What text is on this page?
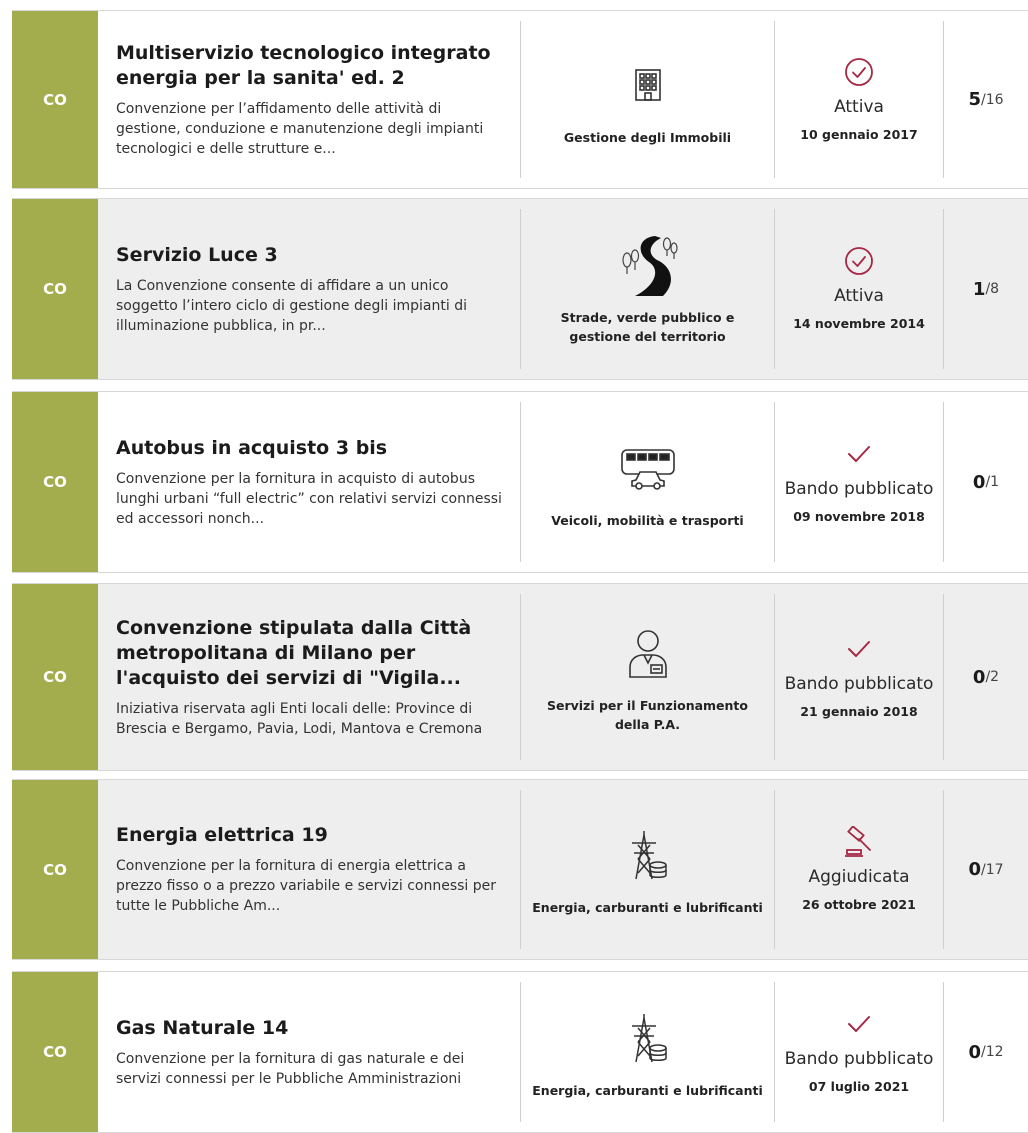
CO

Multiservizio tecnologico integrato energia per la sanita' ed. 2

Convenzione per l’affidamento delle attività di gestione, conduzione e manutenzione degli impianti tecnologici e delle strutture e...

Gestione degli Immobili
Attiva
10 gennaio 2017
5 / 16
CO

Servizio Luce 3

La Convenzione consente di affidare a un unico soggetto l’intero ciclo di gestione degli impianti di illuminazione pubblica, in pr...	Strade, verde pubblico e gestione del territorio
Attiva
14 novembre 2014
1 / 8
CO

Autobus in acquisto 3 bis

Convenzione per la fornitura in acquisto di autobus lunghi urbani “full electric” con relativi servizi connessi ed accessori nonch...	Veicoli, mobilità e trasporti
Bando pubblicato
09 novembre 2018
0 / 1
CO

Convenzione stipulata dalla Città metropolitana di Milano per l'acquisto dei servizi di "Vigila...

Iniziativa riservata agli Enti locali delle: Province di Brescia e Bergamo, Pavia, Lodi, Mantova e Cremona

Servizi per il Funzionamento della P.A.
Bando pubblicato
21 gennaio 2018
0 / 2
CO

Energia elettrica 19

Convenzione per la fornitura di energia elettrica a prezzo fisso o a prezzo variabile e servizi connessi per tutte le Pubbliche Am...	Energia, carburanti e lubrificanti
Aggiudicata
26 ottobre 2021
0 / 17
CO

Gas Naturale 14

Convenzione per la fornitura di gas naturale e dei servizi connessi per le Pubbliche Amministrazioni

Energia, carburanti e lubrificanti
Bando pubblicato
07 luglio 2021
0 / 12
